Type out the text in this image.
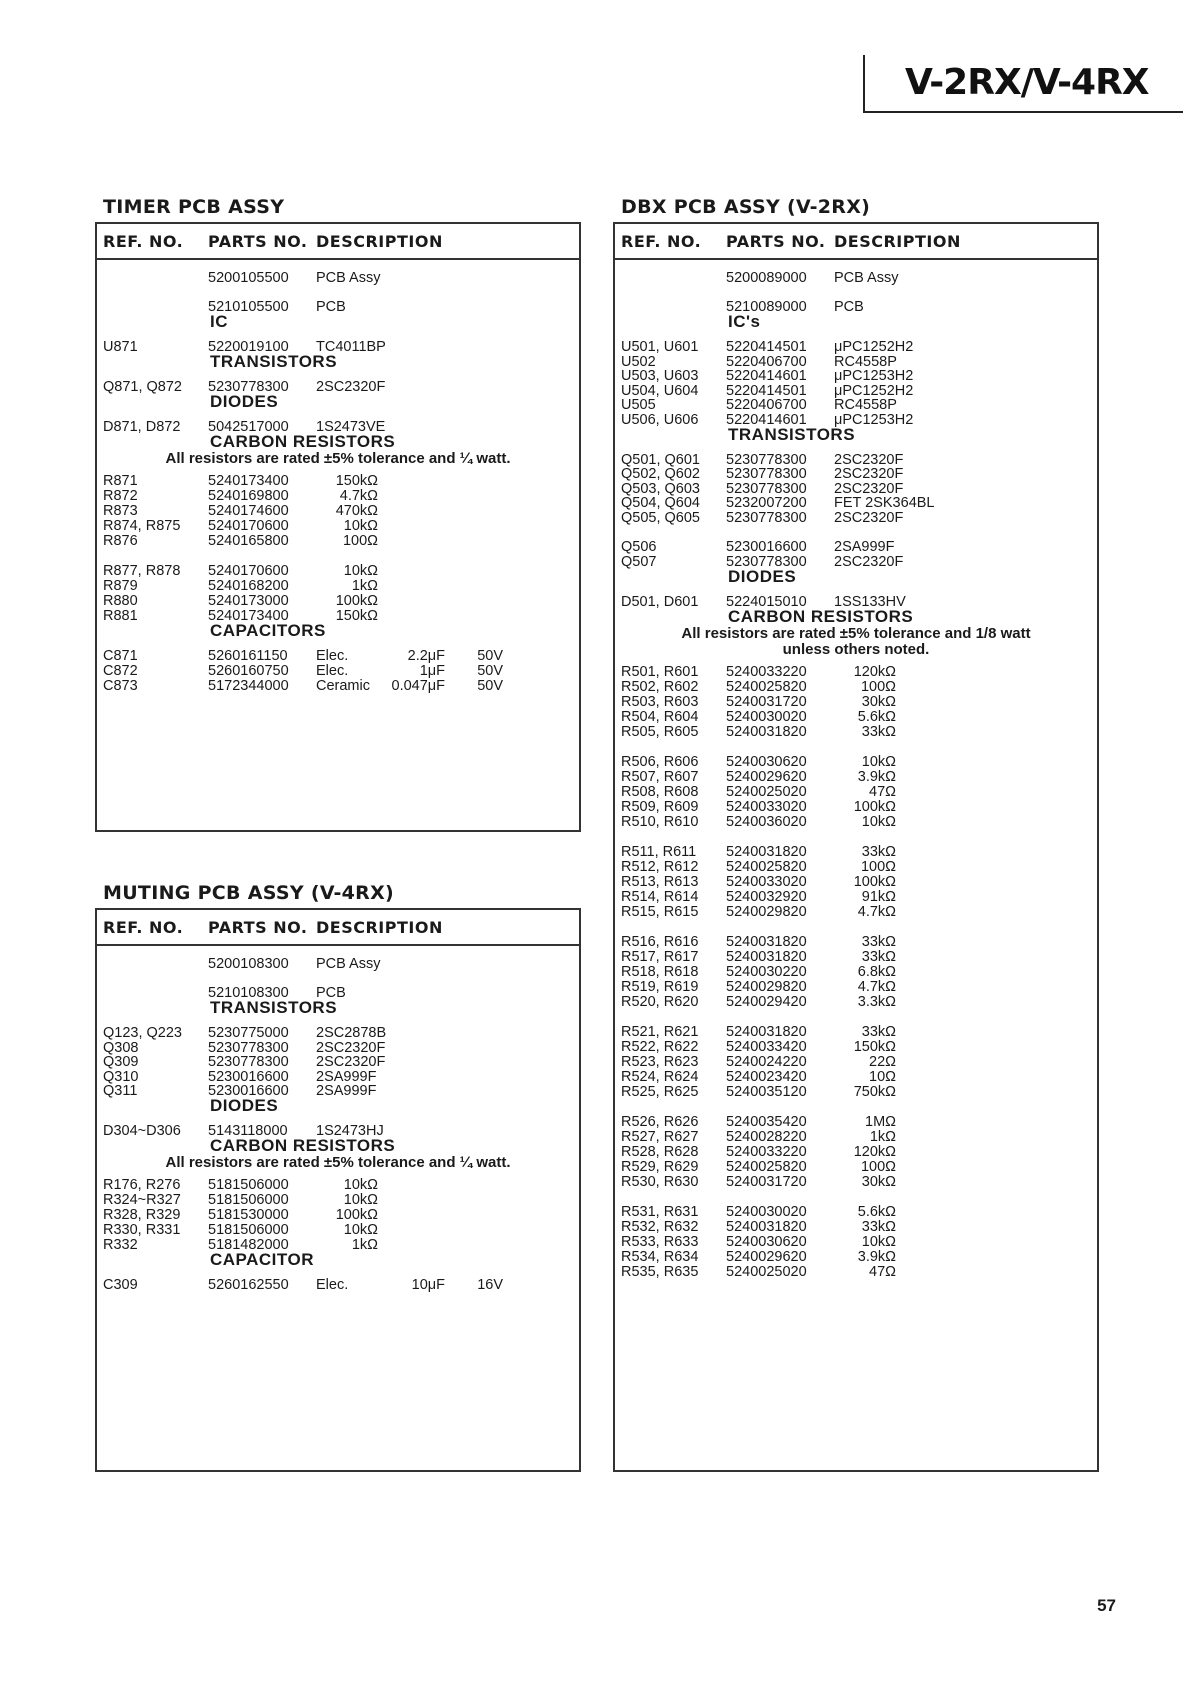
V-2RX/V-4RX
TIMER PCB ASSY
REF. NO. PARTS NO. DESCRIPTION
5200105500 PCB Assy
5210105500 PCB
IC
U871	5220019100 TC4011BP
TRANSISTORS
Q871, Q872 5230778300 2SC2320F
DIODES
D871, D872 5042517000 1S2473VE
CARBON RESISTORS
All resistors are rated ±5% tolerance and ¼ watt.
R871	5240173400	150kΩ
R872	5240169800	4.7kΩ
R873	5240174600	470kΩ
R874, R875 5240170600	10kΩ
R876	5240165800	100Ω
R877, R878 5240170600	10kΩ
R879	5240168200	1kΩ
R880	5240173000	100kΩ
R881	5240173400	150kΩ
CAPACITORS
C871	5260161150 Elec.	2.2μF	50V
C872	5260160750 Elec.	1μF	50V
C873	5172344000 Ceramic	0.047μF	50V
MUTING PCB ASSY (V-4RX)
REF. NO. PARTS NO. DESCRIPTION
5200108300 PCB Assy
5210108300 PCB
TRANSISTORS
Q123, Q223 5230775000 2SC2878B
Q308	5230778300 2SC2320F
Q309	5230778300 2SC2320F
Q310	5230016600 2SA999F
Q311	5230016600 2SA999F
DIODES
D304~D306 5143118000 1S2473HJ
CARBON RESISTORS
All resistors are rated ±5% tolerance and ¼ watt.
R176, R276 5181506000	10kΩ
R324~R327 5181506000	10kΩ
R328, R329 5181530000	100kΩ
R330, R331 5181506000	10kΩ
R332	5181482000	1kΩ
CAPACITOR
C309	5260162550 Elec.	10μF	16V
DBX PCB ASSY (V-2RX)
REF. NO. PARTS NO. DESCRIPTION
5200089000 PCB Assy
5210089000 PCB
IC's
U501, U601 5220414501 μPC1252H2
U502	5220406700 RC4558P
U503, U603 5220414601 μPC1253H2
U504, U604 5220414501 μPC1252H2
U505	5220406700 RC4558P
U506, U606 5220414601 μPC1253H2
TRANSISTORS
Q501, Q601 5230778300 2SC2320F
Q502, Q602 5230778300 2SC2320F
Q503, Q603 5230778300 2SC2320F
Q504, Q604 5232007200 FET 2SK364BL
Q505, Q605 5230778300 2SC2320F
Q506	5230016600 2SA999F
Q507	5230778300 2SC2320F
DIODES
D501, D601 5224015010 1SS133HV
CARBON RESISTORS
All resistors are rated ±5% tolerance and 1/8 watt
unless others noted.
R501, R601 5240033220	120kΩ
R502, R602 5240025820	100Ω
R503, R603 5240031720	30kΩ
R504, R604 5240030020	5.6kΩ
R505, R605 5240031820	33kΩ
R506, R606 5240030620	10kΩ
R507, R607 5240029620	3.9kΩ
R508, R608 5240025020	47Ω
R509, R609 5240033020	100kΩ
R510, R610 5240036020	10kΩ
R511, R611 5240031820	33kΩ
R512, R612 5240025820	100Ω
R513, R613 5240033020	100kΩ
R514, R614 5240032920	91kΩ
R515, R615 5240029820	4.7kΩ
R516, R616 5240031820	33kΩ
R517, R617 5240031820	33kΩ
R518, R618 5240030220	6.8kΩ
R519, R619 5240029820	4.7kΩ
R520, R620 5240029420	3.3kΩ
R521, R621 5240031820	33kΩ
R522, R622 5240033420	150kΩ
R523, R623 5240024220	22Ω
R524, R624 5240023420	10Ω
R525, R625 5240035120	750kΩ
R526, R626 5240035420	1MΩ
R527, R627 5240028220	1kΩ
R528, R628 5240033220	120kΩ
R529, R629 5240025820	100Ω
R530, R630 5240031720	30kΩ
R531, R631 5240030020	5.6kΩ
R532, R632 5240031820	33kΩ
R533, R633 5240030620	10kΩ
R534, R634 5240029620	3.9kΩ
R535, R635 5240025020	47Ω
57
